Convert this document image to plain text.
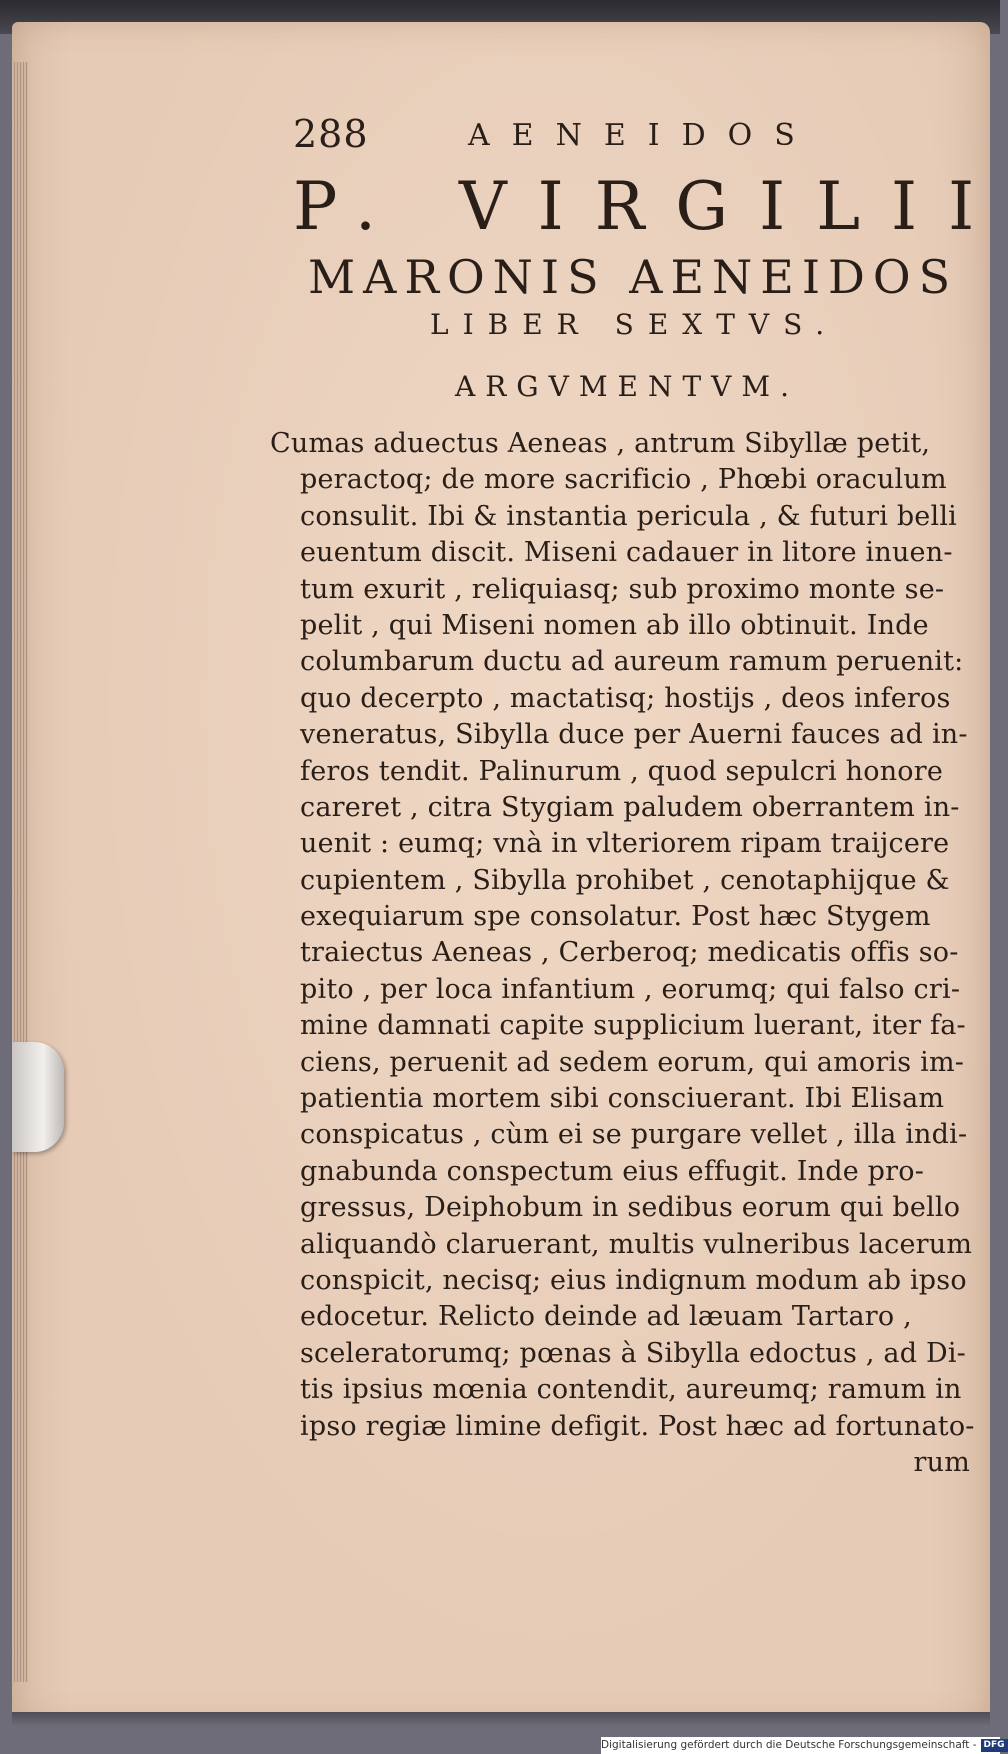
288	AENEIDOS
P. VIRGILII
MARONIS AENEIDOS
LIBER SEXTVS.
ARGVMENTVM.
Cumas aduectus Aeneas , antrum Sibyllæ petit,
peractoq; de more sacrificio , Phœbi oraculum
consulit. Ibi & instantia pericula , & futuri belli
euentum discit. Miseni cadauer in litore inuen-
tum exurit , reliquiasq; sub proximo monte se-
pelit , qui Miseni nomen ab illo obtinuit. Inde
columbarum ductu ad aureum ramum peruenit:
quo decerpto , mactatisq; hostijs , deos inferos
veneratus, Sibylla duce per Auerni fauces ad in-
feros tendit. Palinurum , quod sepulcri honore
careret , citra Stygiam paludem oberrantem in-
uenit : eumq; vnà in vlteriorem ripam traijcere
cupientem , Sibylla prohibet , cenotaphijque &
exequiarum spe consolatur. Post hæc Stygem
traiectus Aeneas , Cerberoq; medicatis offis so-
pito , per loca infantium , eorumq; qui falso cri-
mine damnati capite supplicium luerant, iter fa-
ciens, peruenit ad sedem eorum, qui amoris im-
patientia mortem sibi consciuerant. Ibi Elisam
conspicatus , cùm ei se purgare vellet , illa indi-
gnabunda conspectum eius effugit. Inde pro-
gressus, Deiphobum in sedibus eorum qui bello
aliquandò claruerant, multis vulneribus lacerum
conspicit, necisq; eius indignum modum ab ipso
edocetur. Relicto deinde ad læuam Tartaro ,
sceleratorumq; pœnas à Sibylla edoctus , ad Di-
tis ipsius mœnia contendit, aureumq; ramum in
ipso regiæ limine defigit. Post hæc ad fortunato-
rum
Digitalisierung gefördert durch die Deutsche Forschungsgemeinschaft - DFG
